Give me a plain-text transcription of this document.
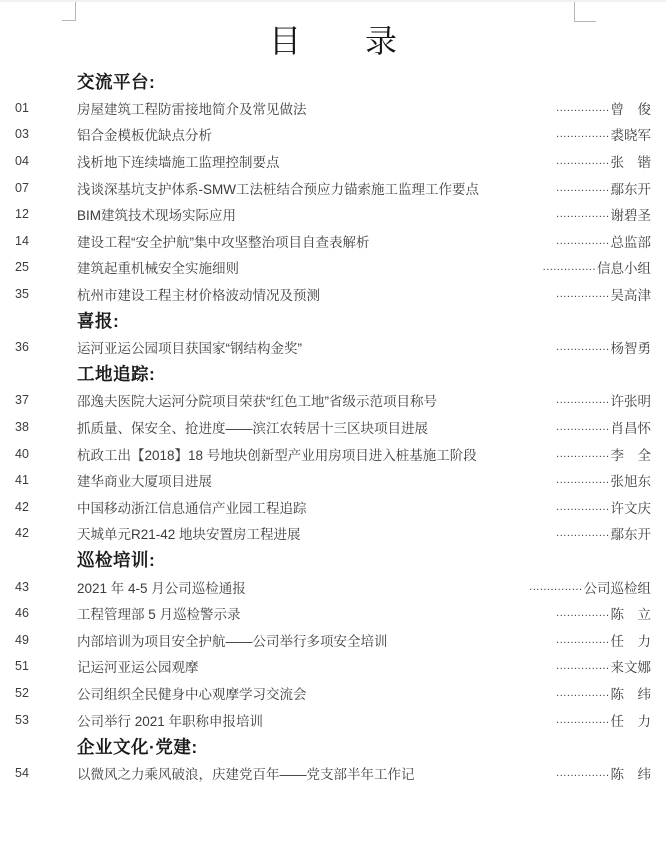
目　　录
交流平台:
01	房屋建筑工程防雷接地简介及常见做法	............... 曾　俊
03	铝合金模板优缺点分析	............... 裘晓军
04	浅析地下连续墙施工监理控制要点	............... 张　锴
07	浅谈深基坑支护体系-SMW工法桩结合预应力锚索施工监理工作要点	............... 鄢东开
12	BIM建筑技术现场实际应用	............... 谢碧圣
14	建设工程“安全护航”集中攻坚整治项目自查表解析	............... 总监部
25	建筑起重机械安全实施细则	............... 信息小组
35	杭州市建设工程主材价格波动情况及预测	............... 吴高津
喜报:
36	运河亚运公园项目获国家“钢结构金奖”	............... 杨智勇
工地追踪:
37	邵逸夫医院大运河分院项目荣获“红色工地”省级示范项目称号	............... 许张明
38	抓质量、保安全、抢进度——滨江农转居十三区块项目进展	............... 肖昌怀
40	杭政工出【2018】18 号地块创新型产业用房项目进入桩基施工阶段	............... 李　全
41	建华商业大厦项目进展	............... 张旭东
42	中国移动浙江信息通信产业园工程追踪	............... 许文庆
42	天城单元R21-42 地块安置房工程进展	............... 鄢东开
巡检培训:
43	2021 年 4-5 月公司巡检通报	............... 公司巡检组
46	工程管理部 5 月巡检警示录	............... 陈　立
49	内部培训为项目安全护航——公司举行多项安全培训	............... 任　力
51	记运河亚运公园观摩	............... 来文娜
52	公司组织全民健身中心观摩学习交流会	............... 陈　纬
53	公司举行 2021 年职称申报培训	............... 任　力
企业文化·党建:
54	以微风之力乘风破浪，庆建党百年——党支部半年工作记	............... 陈　纬
